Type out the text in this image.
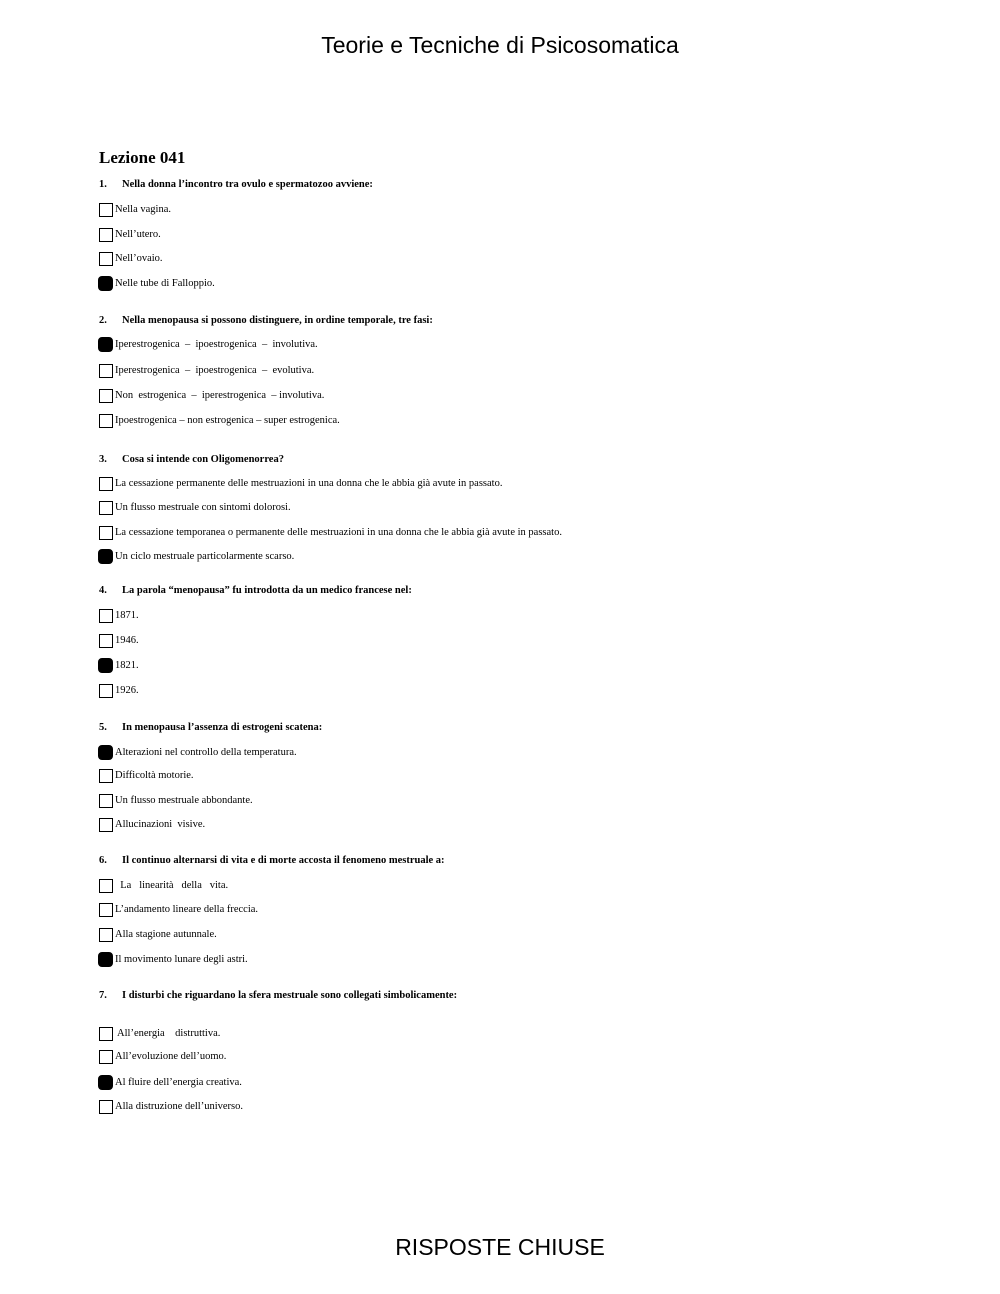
Teorie e Tecniche di Psicosomatica
Lezione 041
1. Nella donna l’incontro tra ovulo e spermatozoo avviene:
Nella vagina.
Nell’utero.
Nell’ovaio.
Nelle tube di Falloppio.
2. Nella menopausa si possono distinguere, in ordine temporale, tre fasi:
Iperestrogenica  –  ipoestrogenica  –  involutiva.
Iperestrogenica  –  ipoestrogenica  –  evolutiva.
Non  estrogenica  –  iperestrogenica  – involutiva.
Ipoestrogenica – non estrogenica – super estrogenica.
3. Cosa si intende con Oligomenorrea?
La cessazione permanente delle mestruazioni in una donna che le abbia già avute in passato.
Un flusso mestruale con sintomi dolorosi.
La cessazione temporanea o permanente delle mestruazioni in una donna che le abbia già avute in passato.
Un ciclo mestruale particolarmente scarso.
4. La parola “menopausa” fu introdotta da un medico francese nel:
1871.
1946.
1821.
1926.
5. In menopausa l’assenza di estrogeni scatena:
Alterazioni nel controllo della temperatura.
Difficoltà motorie.
Un flusso mestruale abbondante.
Allucinazioni  visive.
6. Il continuo alternarsi di vita e di morte accosta il fenomeno mestruale a:
La   linearità   della   vita.
L’andamento lineare della freccia.
Alla stagione autunnale.
Il movimento lunare degli astri.
7. I disturbi che riguardano la sfera mestruale sono collegati simbolicamente:
All’energia    distruttiva.
All’evoluzione dell’uomo.
Al fluire dell’energia creativa.
Alla distruzione dell’universo.
RISPOSTE CHIUSE
